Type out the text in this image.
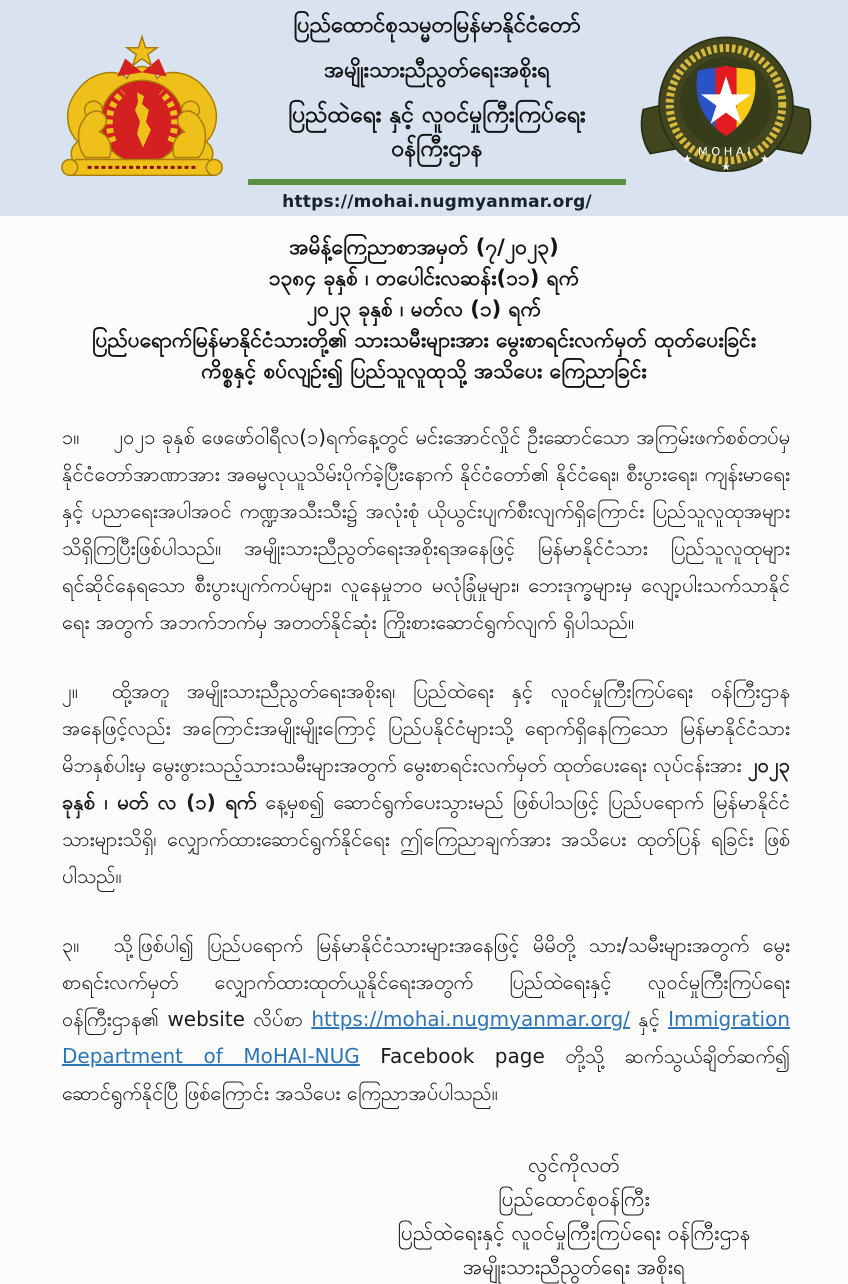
ပြည်ထောင်စုသမ္မတမြန်မာနိုင်ငံတော်
အမျိုးသားညီညွတ်ရေးအစိုးရ
ပြည်ထဲရေး နှင့် လူဝင်မှုကြီးကြပ်ရေးဝန်ကြီးဌာန
https://mohai.nugmyanmar.org/
MOHAI
အမိန့်ကြေညာစာအမှတ် (၇/၂၀၂၃)
၁၃၈၄ ခုနှစ် ၊ တပေါင်းလဆန်း(၁၁) ရက်
၂၀၂၃ ခုနှစ် ၊ မတ်လ (၁) ရက်
ပြည်ပရောက်မြန်မာနိုင်ငံသားတို့၏ သားသမီးများအား မွေးစာရင်းလက်မှတ် ထုတ်ပေးခြင်း
ကိစ္စနှင့် စပ်လျဉ်း၍ ပြည်သူလူထုသို့ အသိပေး ကြေညာခြင်း

၁။ ၂၀၂၁ ခုနှစ် ဖေဖော်ဝါရီလ(၁)ရက်နေ့တွင် မင်းအောင်လှိုင် ဦးဆောင်သော အကြမ်းဖက်စစ်တပ်မှ နိုင်ငံတော်အာဏာအား အဓမ္မလုယူသိမ်းပိုက်ခဲ့ပြီးနောက် နိုင်ငံတော်၏ နိုင်ငံရေး၊ စီးပွားရေး၊ ကျန်းမာရေးနှင့် ပညာရေးအပါအဝင် ကဏ္ဍအသီးသီး၌ အလုံးစုံ ယိုယွင်းပျက်စီးလျက်ရှိကြောင်း ပြည်သူလူထုအများ သိရှိကြပြီးဖြစ်ပါသည်။ အမျိုးသားညီညွတ်ရေးအစိုးရအနေဖြင့် မြန်မာနိုင်ငံသား ပြည်သူလူထုများ ရင်ဆိုင်နေရသော စီးပွားပျက်ကပ်များ၊ လူနေမှုဘဝ မလုံခြုံမှုများ၊ ဘေးဒုက္ခများမှ လျော့ပါးသက်သာနိုင်ရေး အတွက် အဘက်ဘက်မှ အတတ်နိုင်ဆုံး ကြိုးစားဆောင်ရွက်လျက် ရှိပါသည်။

၂။ ထို့အတူ အမျိုးသားညီညွတ်ရေးအစိုးရ၊ ပြည်ထဲရေး နှင့် လူဝင်မှုကြီးကြပ်ရေး ဝန်ကြီးဌာန အနေဖြင့်လည်း အကြောင်းအမျိုးမျိုးကြောင့် ပြည်ပနိုင်ငံများသို့ ရောက်ရှိနေကြသော မြန်မာနိုင်ငံသား မိဘနှစ်ပါးမှ မွေးဖွားသည့်သားသမီးများအတွက် မွေးစာရင်းလက်မှတ် ထုတ်ပေးရေး လုပ်ငန်းအား ၂၀၂၃ ခုနှစ် ၊ မတ် လ (၁) ရက် နေ့မှစ၍ ဆောင်ရွက်ပေးသွားမည် ဖြစ်ပါသဖြင့် ပြည်ပရောက် မြန်မာနိုင်ငံသားများသိရှိ၊ လျှောက်ထားဆောင်ရွက်နိုင်ရေး ဤကြေညာချက်အား အသိပေး ထုတ်ပြန် ရခြင်း ဖြစ်ပါသည်။

၃။ သို့ဖြစ်ပါ၍ ပြည်ပရောက် မြန်မာနိုင်ငံသားများအနေဖြင့် မိမိတို့ သား/သမီးများအတွက် မွေးစာရင်းလက်မှတ် လျှောက်ထားထုတ်ယူနိုင်ရေးအတွက် ပြည်ထဲရေးနှင့် လူဝင်မှုကြီးကြပ်ရေး ဝန်ကြီးဌာန၏ website လိပ်စာ https://mohai.nugmyanmar.org/ နှင့် Immigration Department of MoHAI-NUG Facebook page တို့သို့ ဆက်သွယ်ချိတ်ဆက်၍ ဆောင်ရွက်နိုင်ပြီ ဖြစ်ကြောင်း အသိပေး ကြေညာအပ်ပါသည်။

လွင်ကိုလတ်
ပြည်ထောင်စုဝန်ကြီး
ပြည်ထဲရေးနှင့် လူဝင်မှုကြီးကြပ်ရေး ဝန်ကြီးဌာန
အမျိုးသားညီညွတ်ရေး အစိုးရ
